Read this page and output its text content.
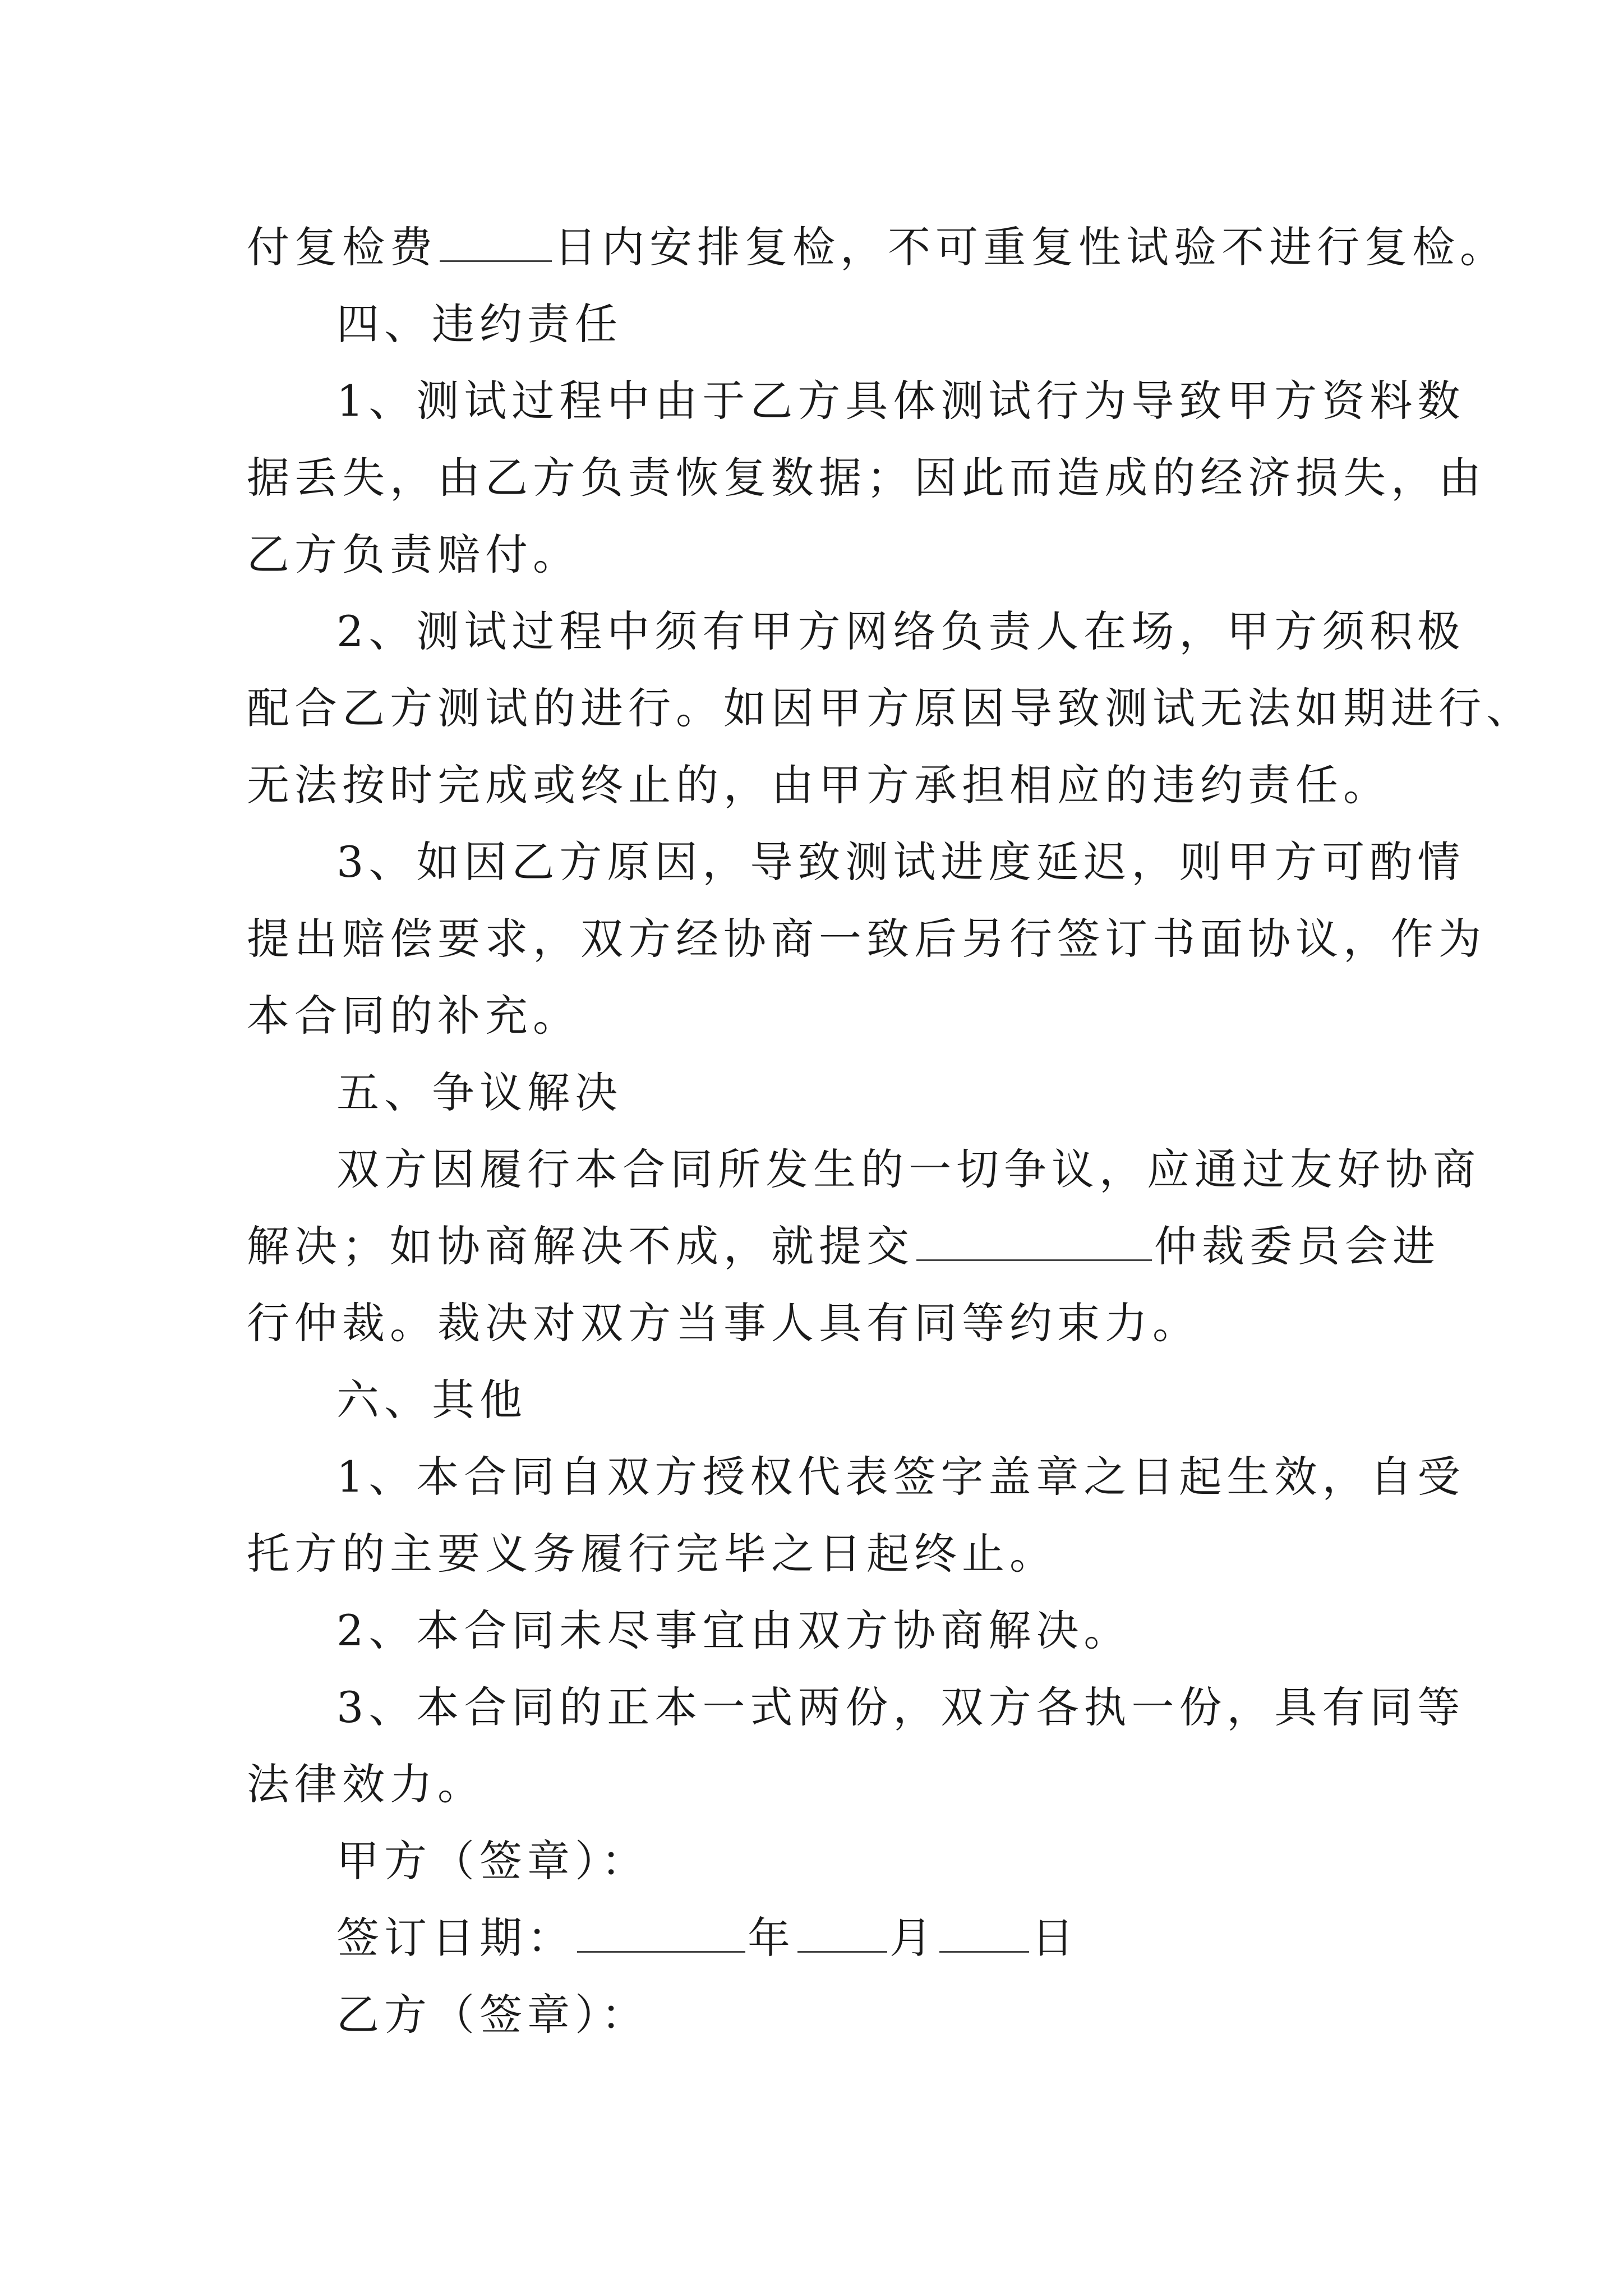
付复检费	日内安排复检，不可重复性试验不进行复检。
四、违约责任
1、测试过程中由于乙方具体测试行为导致甲方资料数
据丢失，由乙方负责恢复数据；因此而造成的经济损失，由
乙方负责赔付。
2、测试过程中须有甲方网络负责人在场，甲方须积极
配合乙方测试的进行。如因甲方原因导致测试无法如期进行、
无法按时完成或终止的，由甲方承担相应的违约责任。
3、如因乙方原因，导致测试进度延迟，则甲方可酌情
提出赔偿要求，双方经协商一致后另行签订书面协议，作为
本合同的补充。
五、争议解决
双方因履行本合同所发生的一切争议，应通过友好协商
解决；如协商解决不成，就提交	仲裁委员会进
行仲裁。裁决对双方当事人具有同等约束力。
六、其他
1、本合同自双方授权代表签字盖章之日起生效，自受
托方的主要义务履行完毕之日起终止。
2、本合同未尽事宜由双方协商解决。
3、本合同的正本一式两份，双方各执一份，具有同等
法律效力。
甲方（签章）：
签订日期：	年 月 日
乙方（签章）：
